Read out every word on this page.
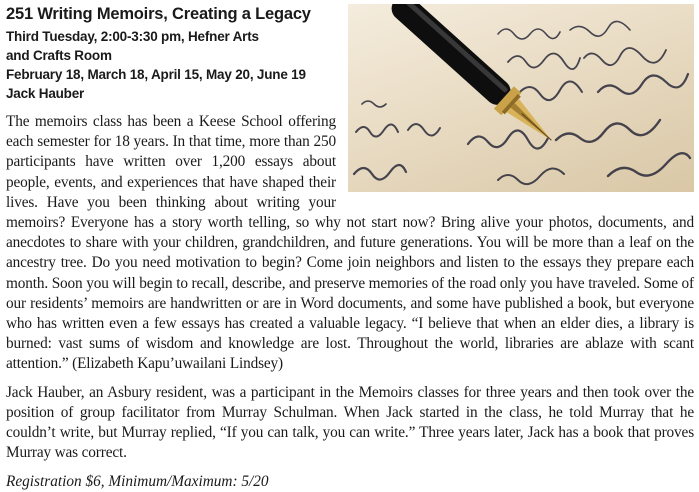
251 Writing Memoirs, Creating a Legacy

Third Tuesday, 2:00-3:30 pm, Hefner Arts
and Crafts Room
February 18, March 18, April 15, May 20, June 19
Jack Hauber

The memoirs class has been a Keese School offering each semester for 18 years. In that time, more than 250 participants have written over 1,200 essays about people, events, and experiences that have shaped their lives. Have you been thinking about writing your memoirs? Everyone has a story worth telling, so why not start now? Bring alive your photos, documents, and anecdotes to share with your children, grandchildren, and future generations. You will be more than a leaf on the ancestry tree. Do you need motivation to begin? Come join neighbors and listen to the essays they prepare each month. Soon you will begin to recall, describe, and preserve memories of the road only you have traveled. Some of our residents’ memoirs are handwritten or are in Word documents, and some have published a book, but everyone who has written even a few essays has created a valuable legacy. “I believe that when an elder dies, a library is burned: vast sums of wisdom and knowledge are lost. Throughout the world, libraries are ablaze with scant attention.” (Elizabeth Kapu’uwailani Lindsey)

Jack Hauber, an Asbury resident, was a participant in the Memoirs classes for three years and then took over the position of group facilitator from Murray Schulman. When Jack started in the class, he told Murray that he couldn’t write, but Murray replied, “If you can talk, you can write.” Three years later, Jack has a book that proves Murray was correct.

Registration $6, Minimum/Maximum: 5/20
